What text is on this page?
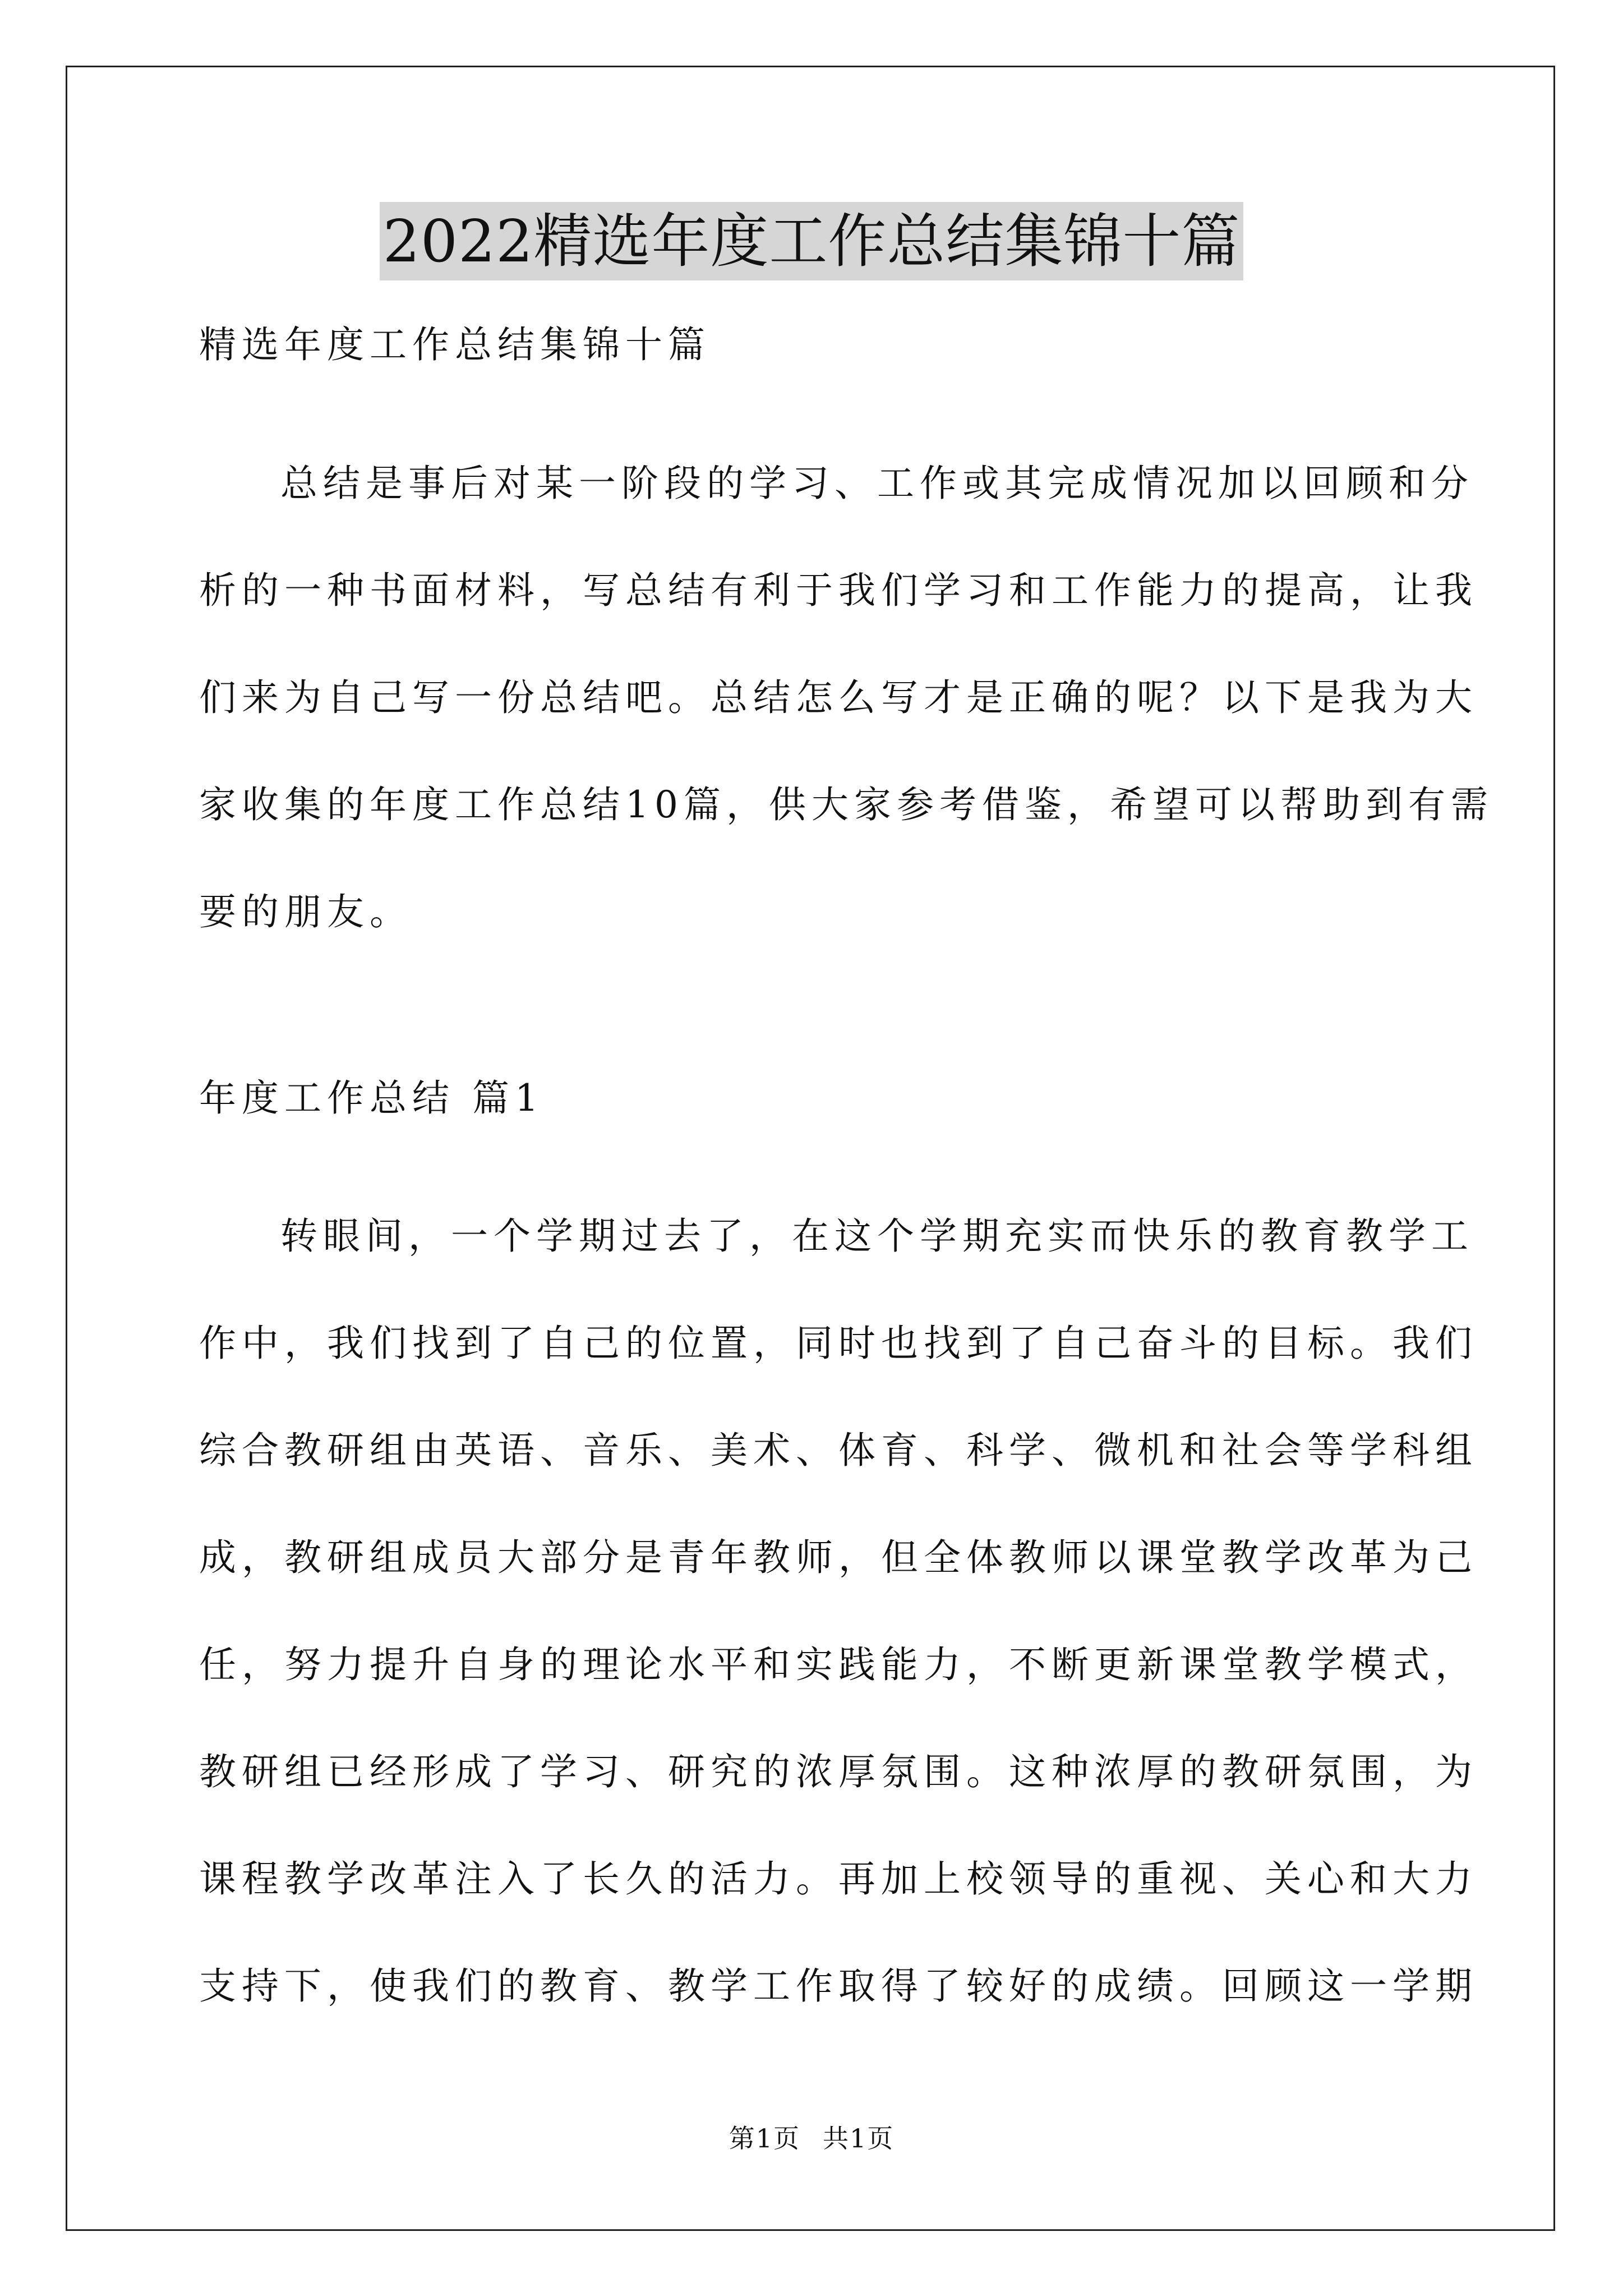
2022精选年度工作总结集锦十篇
精选年度工作总结集锦十篇
总结是事后对某一阶段的学习、工作或其完成情况加以回顾和分
析的一种书面材料，写总结有利于我们学习和工作能力的提高，让我
们来为自己写一份总结吧。总结怎么写才是正确的呢？以下是我为大
家收集的年度工作总结10篇，供大家参考借鉴，希望可以帮助到有需
要的朋友。
年度工作总结 篇1
转眼间，一个学期过去了，在这个学期充实而快乐的教育教学工
作中，我们找到了自己的位置，同时也找到了自己奋斗的目标。我们
综合教研组由英语、音乐、美术、体育、科学、微机和社会等学科组
成，教研组成员大部分是青年教师，但全体教师以课堂教学改革为己
任，努力提升自身的理论水平和实践能力，不断更新课堂教学模式，
教研组已经形成了学习、研究的浓厚氛围。这种浓厚的教研氛围，为
课程教学改革注入了长久的活力。再加上校领导的重视、关心和大力
支持下，使我们的教育、教学工作取得了较好的成绩。回顾这一学期
第1页 共1页
